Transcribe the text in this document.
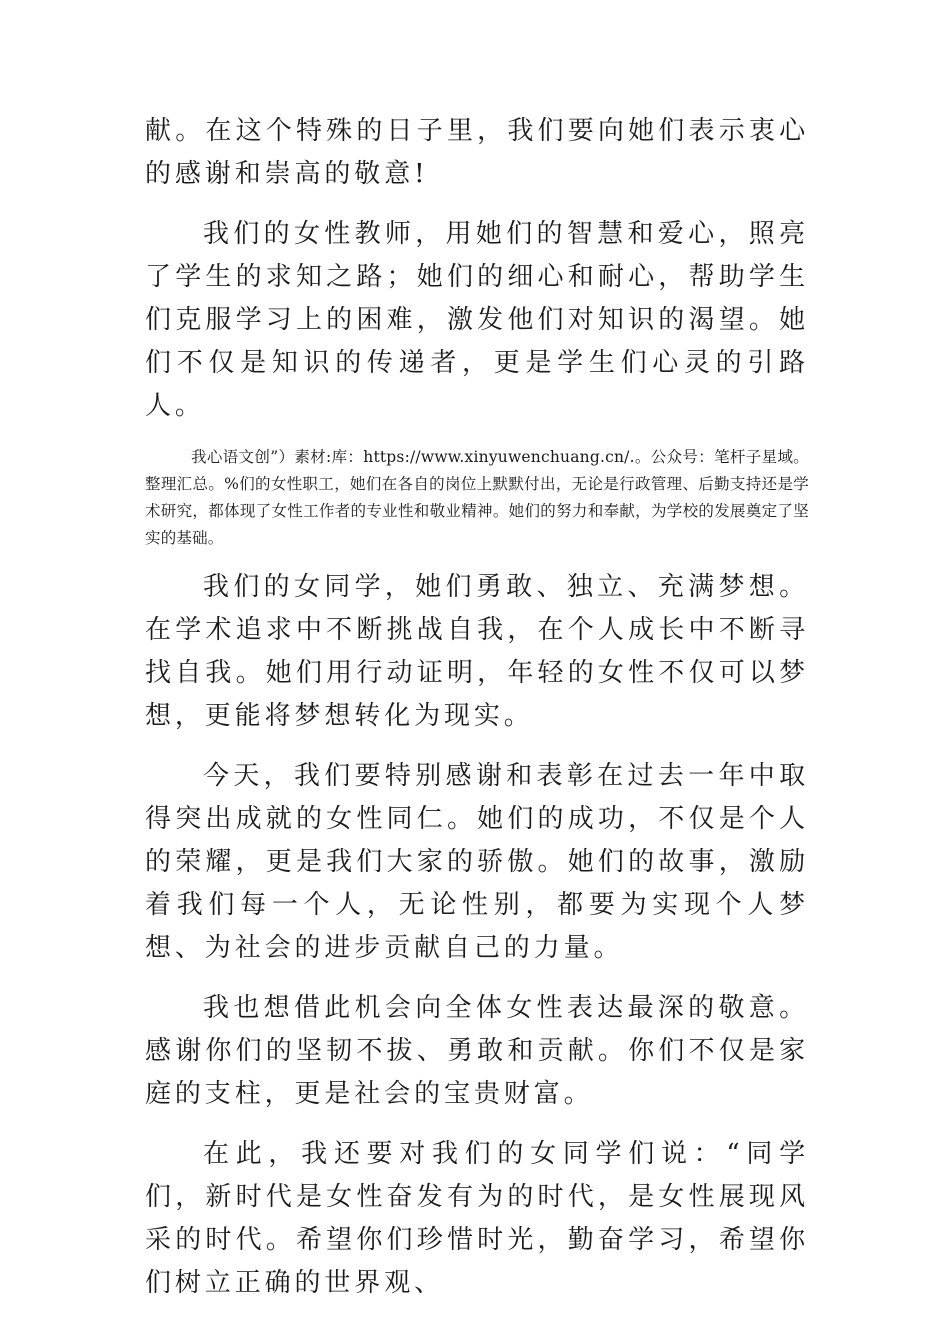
献。在这个特殊的日子里，我们要向她们表示衷心的感谢和崇高的敬意!

我们的女性教师，用她们的智慧和爱心，照亮了学生的求知之路；她们的细心和耐心，帮助学生们克服学习上的困难，激发他们对知识的渴望。她们不仅是知识的传递者，更是学生们心灵的引路人。

我心语文创”）素材:库：https://www.xinyuwenchuang.cn/.。公众号：笔杆子星域。整理汇总。%们的女性职工，她们在各自的岗位上默默付出，无论是行政管理、后勤支持还是学术研究，都体现了女性工作者的专业性和敬业精神。她们的努力和奉献，为学校的发展奠定了坚实的基础。

我们的女同学，她们勇敢、独立、充满梦想。在学术追求中不断挑战自我，在个人成长中不断寻找自我。她们用行动证明，年轻的女性不仅可以梦想，更能将梦想转化为现实。

今天，我们要特别感谢和表彰在过去一年中取得突出成就的女性同仁。她们的成功，不仅是个人的荣耀，更是我们大家的骄傲。她们的故事，激励着我们每一个人，无论性别，都要为实现个人梦想、为社会的进步贡献自己的力量。

我也想借此机会向全体女性表达最深的敬意。感谢你们的坚韧不拔、勇敢和贡献。你们不仅是家庭的支柱，更是社会的宝贵财富。

在此，我还要对我们的女同学们说：“同学们，新时代是女性奋发有为的时代，是女性展现风采的时代。希望你们珍惜时光，勤奋学习，希望你们树立正确的世界观、
